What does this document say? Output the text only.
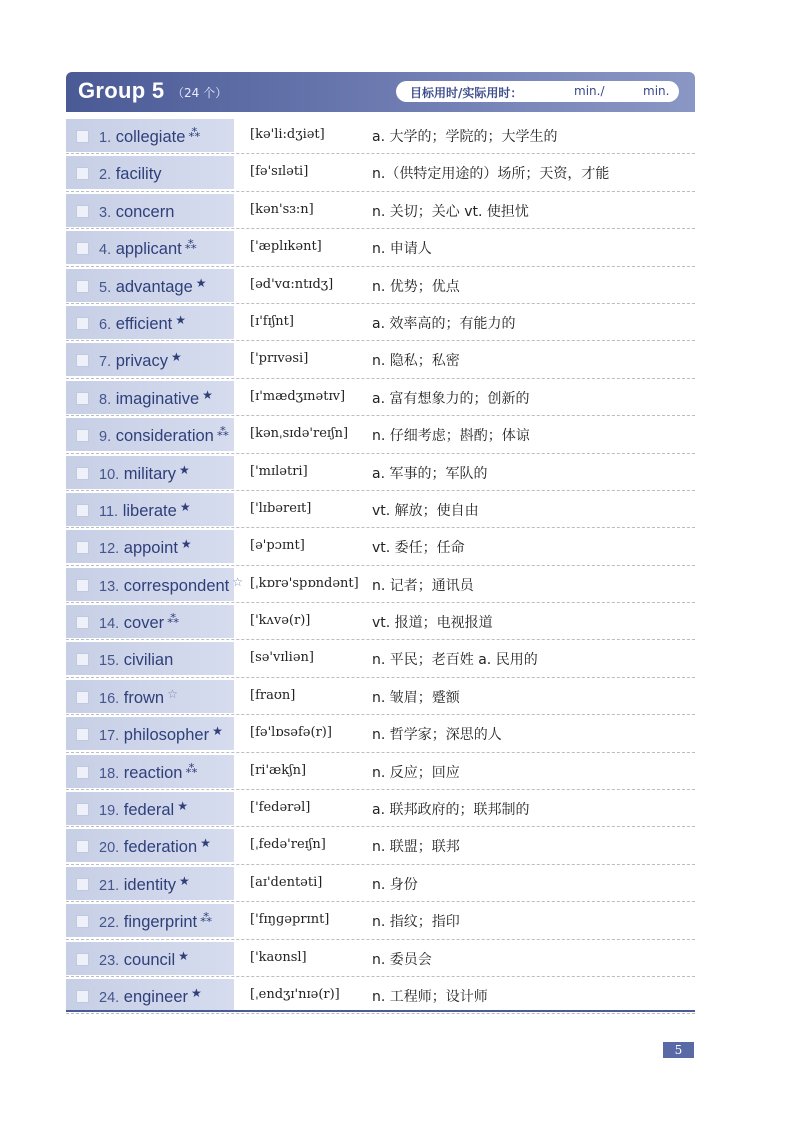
Group 5 （24 个）	目标用时/实际用时：	min./	min.
1. collegiate ⁂	[kə'li:dʒiət]	a. 大学的；学院的；大学生的
2. facility	[fə'sɪləti]	n.（供特定用途的）场所；天资，才能
3. concern	[kən'sɜ:n]	n. 关切；关心 vt. 使担忧
4. applicant ⁂	['æplɪkənt]	n. 申请人
5. advantage ★	[əd'vɑ:ntɪdʒ]	n. 优势；优点
6. efficient ★	[ɪ'fɪʃnt]	a. 效率高的；有能力的
7. privacy ★	['prɪvəsi]	n. 隐私；私密
8. imaginative ★	[ɪ'mædʒɪnətɪv] a. 富有想象力的；创新的
9. consideration ⁂ [kənˌsɪdə'reɪʃn] n. 仔细考虑；斟酌；体谅
10. military ★	['mɪlətri]	a. 军事的；军队的
11. liberate ★	['lɪbəreɪt]	vt. 解放；使自由
12. appoint ★	[ə'pɔɪnt]	vt. 委任；任命
13. correspondent ☆ [ˌkɒrə'spɒndənt] n. 记者；通讯员
14. cover ⁂	['kʌvə(r)]	vt. 报道；电视报道
15. civilian	[sə'vɪliən]	n. 平民；老百姓 a. 民用的
16. frown ☆	[fraʊn]	n. 皱眉；蹙额
17. philosopher ★ [fə'lɒsəfə(r)]	n. 哲学家；深思的人
18. reaction ⁂	[ri'ækʃn]	n. 反应；回应
19. federal ★	['fedərəl]	a. 联邦政府的；联邦制的
20. federation ★	[ˌfedə'reɪʃn]	n. 联盟；联邦
21. identity ★	[aɪ'dentəti]	n. 身份
22. fingerprint ⁂	['fɪŋɡəprɪnt]	n. 指纹；指印
23. council ★	['kaʊnsl]	n. 委员会
24. engineer ★	[ˌendʒɪ'nɪə(r)] n. 工程师；设计师
5
